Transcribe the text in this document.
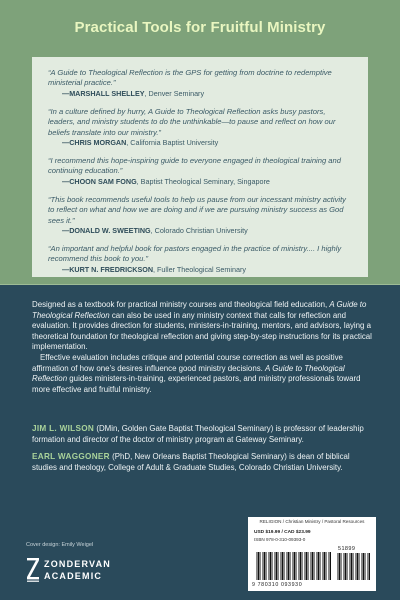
Practical Tools for Fruitful Ministry
“A Guide to Theological Reflection is the GPS for getting from doctrine to redemptive ministerial practice.”
—MARSHALL SHELLEY, Denver Seminary
“In a culture defined by hurry, A Guide to Theological Reflection asks busy pastors, leaders, and ministry students to do the unthinkable—to pause and reflect on how our beliefs translate into our ministry.”
—CHRIS MORGAN, California Baptist University
“I recommend this hope-inspiring guide to everyone engaged in theological training and continuing education.”
—CHOON SAM FONG, Baptist Theological Seminary, Singapore
“This book recommends useful tools to help us pause from our incessant ministry activity to reflect on what and how we are doing and if we are pursuing ministry success as God sees it.”
—DONALD W. SWEETING, Colorado Christian University
“An important and helpful book for pastors engaged in the practice of ministry.... I highly recommend this book to you.”
—KURT N. FREDRICKSON, Fuller Theological Seminary

Designed as a textbook for practical ministry courses and theological field education, A Guide to Theological Reflection can also be used in any ministry context that calls for reflection and evaluation. It provides direction for students, ministers-in-training, mentors, and advisors, laying a theoretical foundation for theological reflection and giving step-by-step instructions for its practical implementation.

Effective evaluation includes critique and potential course correction as well as positive affirmation of how one’s desires influence good ministry decisions. A Guide to Theological Reflection guides ministers-in-training, experienced pastors, and ministry professionals toward more effective and fruitful ministry.

JIM L. WILSON (DMin, Golden Gate Baptist Theological Seminary) is professor of leadership formation and director of the doctor of ministry program at Gateway Seminary.
EARL WAGGONER (PhD, New Orleans Baptist Theological Seminary) is dean of biblical studies and theology, College of Adult & Graduate Studies, Colorado Christian University.
Cover design: Emily Weigel
ZONDERVAN
ACADEMIC
RELIGION / Christian Ministry / Pastoral Resources
USD $19.99 / CAD $23.99
ISBN 978-0-310-09393-0
51899
9 780310 093930
